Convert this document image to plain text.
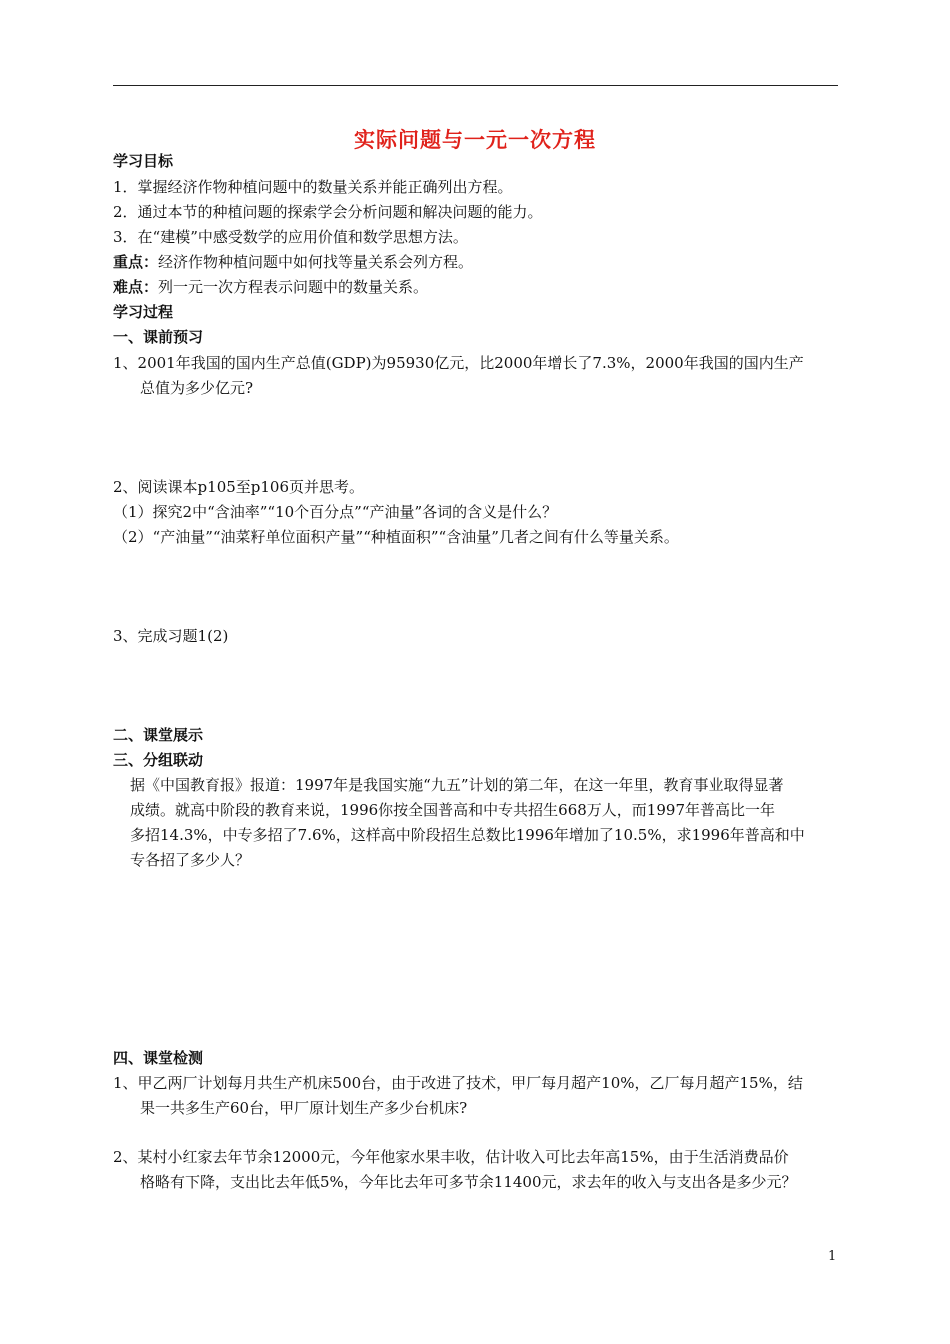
实际问题与一元一次方程
学习目标
1．掌握经济作物种植问题中的数量关系并能正确列出方程。
2．通过本节的种植问题的探索学会分析问题和解决问题的能力。
3．在“建模”中感受数学的应用价值和数学思想方法。
重点：经济作物种植问题中如何找等量关系会列方程。
难点：列一元一次方程表示问题中的数量关系。
学习过程
一、课前预习
1、2001年我国的国内生产总值(GDP)为95930亿元，比2000年增长了7.3%，2000年我国的国内生产
总值为多少亿元?
2、阅读课本p105至p106页并思考。
（1）探究2中“含油率”“10个百分点”“产油量”各词的含义是什么？
（2）“产油量”“油菜籽单位面积产量”“种植面积”“含油量”几者之间有什么等量关系。
3、完成习题1(2)
二、课堂展示
三、分组联动
据《中国教育报》报道：1997年是我国实施“九五”计划的第二年，在这一年里，教育事业取得显著
成绩。就高中阶段的教育来说，1996你按全国普高和中专共招生668万人，而1997年普高比一年
多招14.3%，中专多招了7.6%，这样高中阶段招生总数比1996年增加了10.5%，求1996年普高和中
专各招了多少人？
四、课堂检测
1、甲乙两厂计划每月共生产机床500台，由于改进了技术，甲厂每月超产10%，乙厂每月超产15%，结
果一共多生产60台，甲厂原计划生产多少台机床?
2、某村小红家去年节余12000元，今年他家水果丰收，估计收入可比去年高15%，由于生活消费品价
格略有下降，支出比去年低5%，今年比去年可多节余11400元，求去年的收入与支出各是多少元？
1
